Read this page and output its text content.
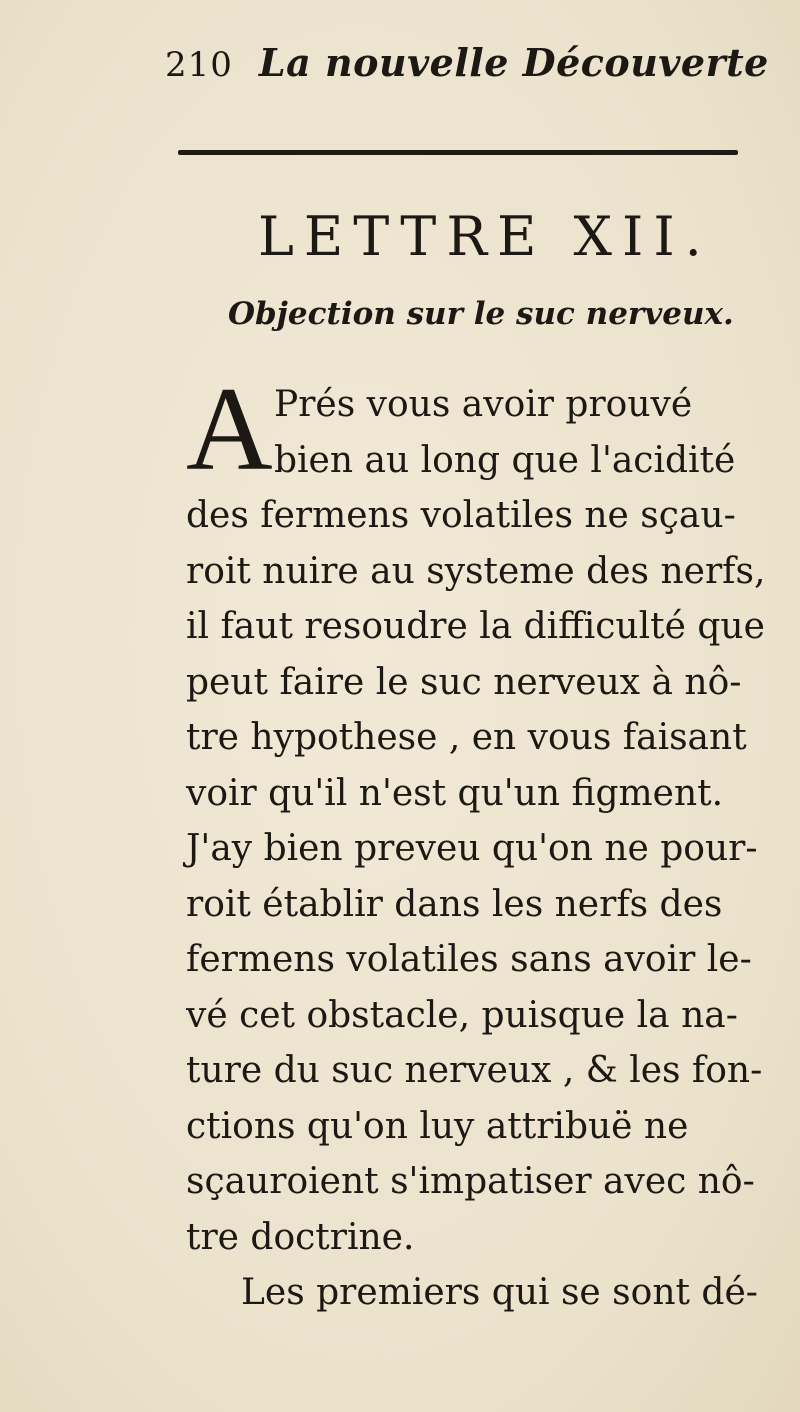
210 La nouvelle Découverte
LETTRE XII.
Objection sur le suc nerveux.
A Prés vous avoir prouvé
bien au long que l'acidité
des fermens volatiles ne sçau-
roit nuire au systeme des nerfs,
il faut resoudre la difficulté que
peut faire le suc nerveux à nô-
tre hypothese , en vous faisant
voir qu'il n'est qu'un figment.
J'ay bien preveu qu'on ne pour-
roit établir dans les nerfs des
fermens volatiles sans avoir le-
vé cet obstacle, puisque la na-
ture du suc nerveux , & les fon-
ctions qu'on luy attribuë ne
sçauroient s'impatiser avec nô-
tre doctrine.
Les premiers qui se sont dé-
